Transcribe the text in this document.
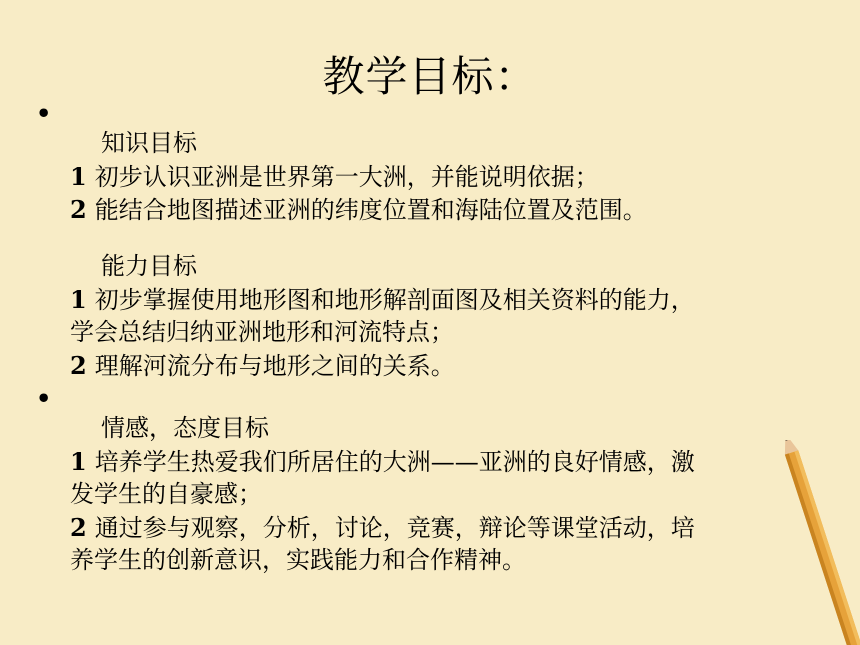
教学目标：
•
•
知识目标
1 初步认识亚洲是世界第一大洲，并能说明依据；
2 能结合地图描述亚洲的纬度位置和海陆位置及范围。
能力目标
1 初步掌握使用地形图和地形解剖面图及相关资料的能力，
学会总结归纳亚洲地形和河流特点；
2 理解河流分布与地形之间的关系。
情感，态度目标
1 培养学生热爱我们所居住的大洲——亚洲的良好情感，激
发学生的自豪感；
2 通过参与观察，分析，讨论，竞赛，辩论等课堂活动，培
养学生的创新意识，实践能力和合作精神。
